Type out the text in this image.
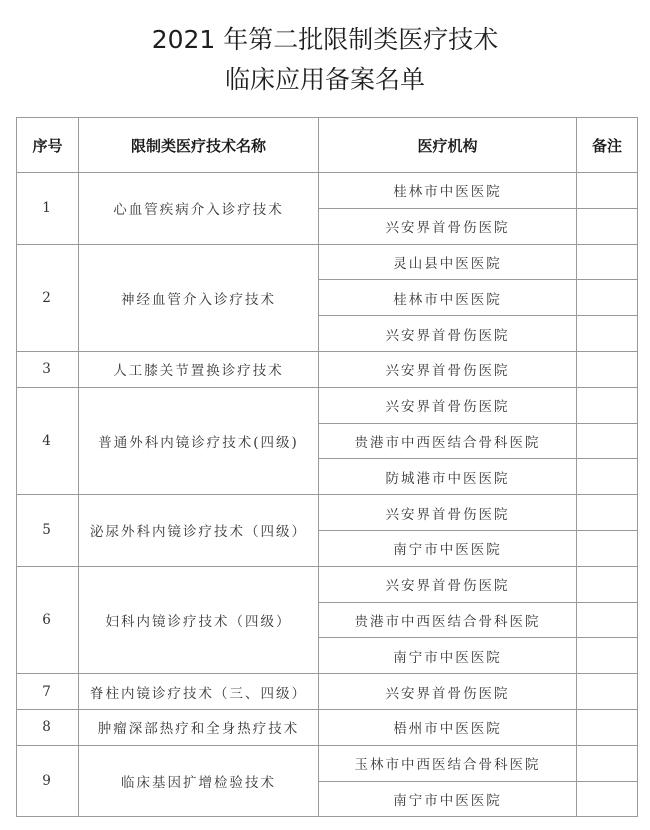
2021 年第二批限制类医疗技术
临床应用备案名单
序号	限制类医疗技术名称	医疗机构	备注
1	心血管疾病介入诊疗技术	桂林市中医医院	
		兴安界首骨伤医院	
2	神经血管介入诊疗技术	灵山县中医医院	
		桂林市中医医院	
		兴安界首骨伤医院	
3	人工膝关节置换诊疗技术	兴安界首骨伤医院	
4	普通外科内镜诊疗技术(四级)	兴安界首骨伤医院	
		贵港市中西医结合骨科医院	
		防城港市中医医院	
5	泌尿外科内镜诊疗技术（四级）	兴安界首骨伤医院	
		南宁市中医医院	
6	妇科内镜诊疗技术（四级）	兴安界首骨伤医院	
		贵港市中西医结合骨科医院	
		南宁市中医医院	
7	脊柱内镜诊疗技术（三、四级）	兴安界首骨伤医院	
8	肿瘤深部热疗和全身热疗技术	梧州市中医医院	
9	临床基因扩增检验技术	玉林市中西医结合骨科医院	
		南宁市中医医院	
